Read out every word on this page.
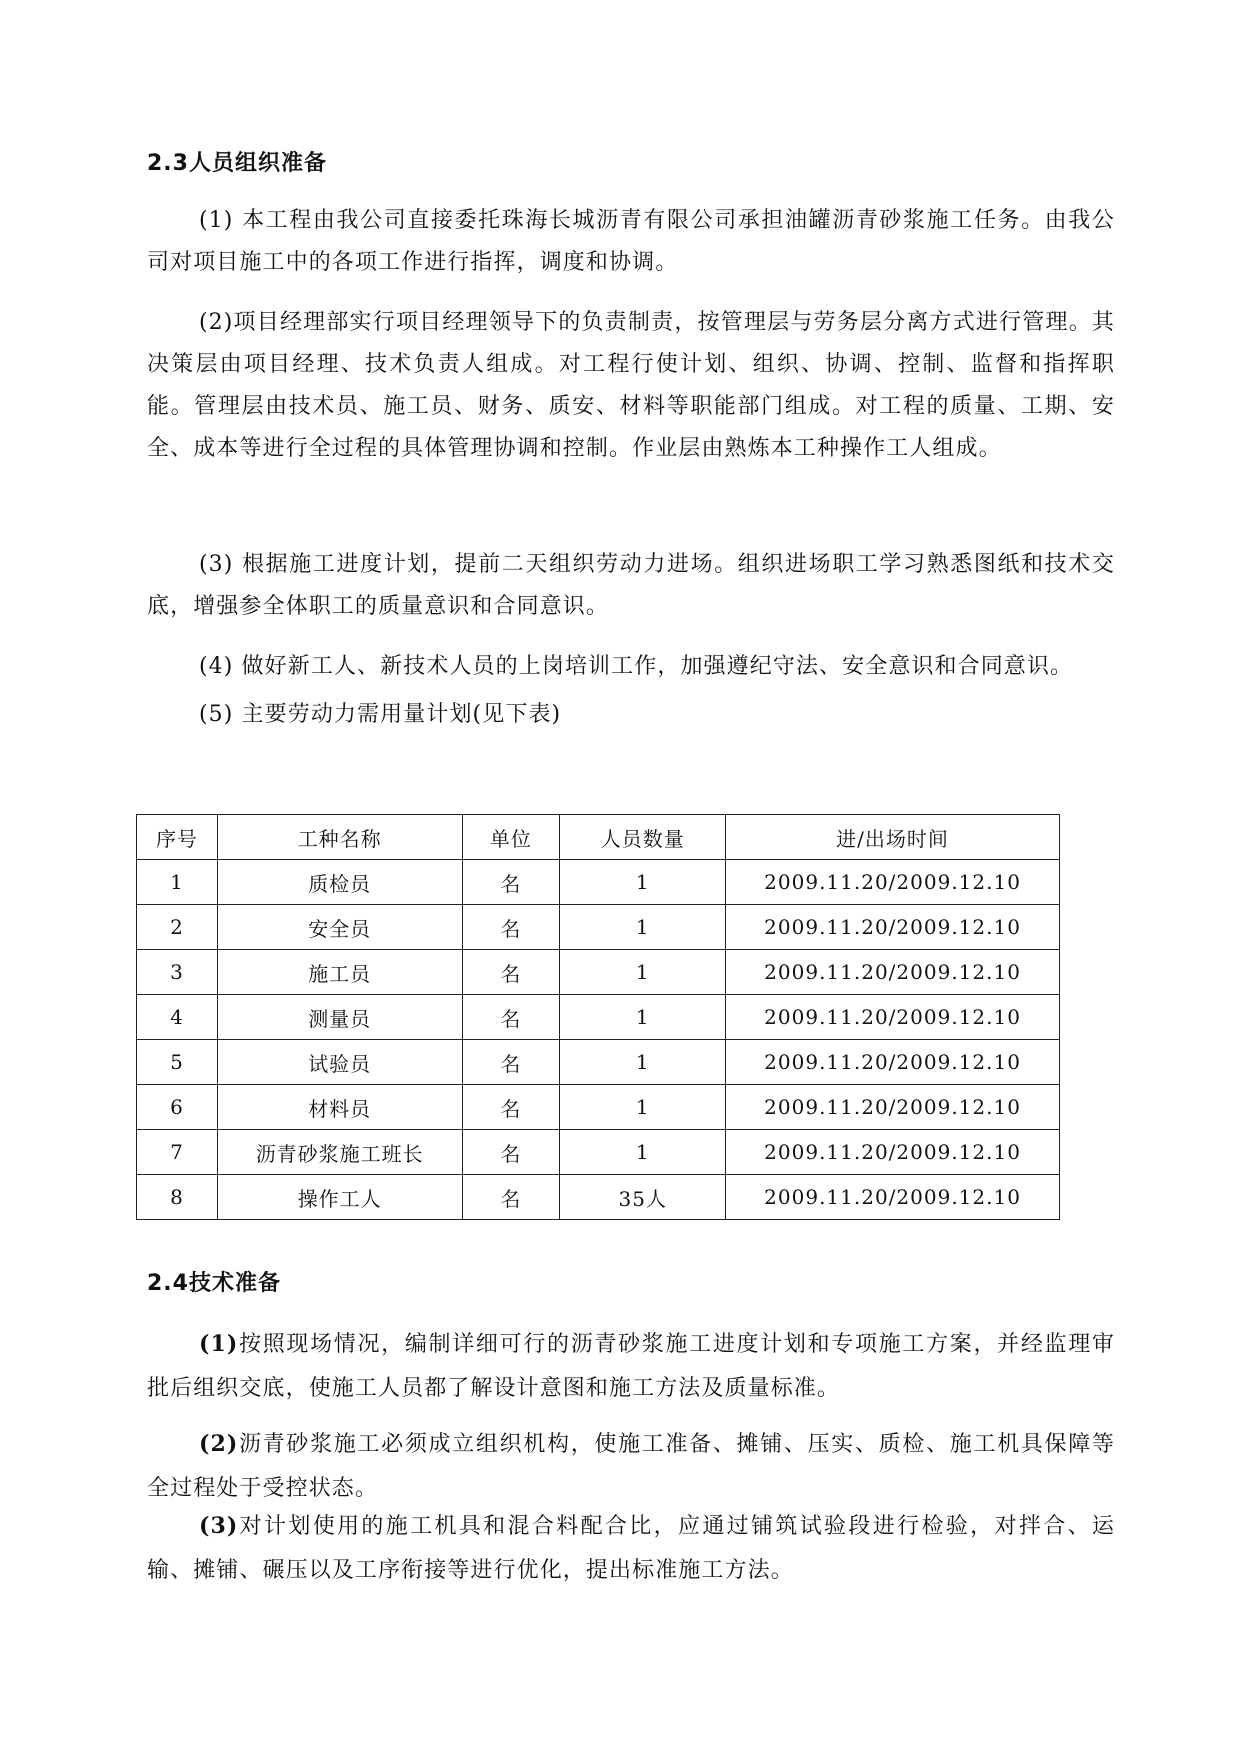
2.3人员组织准备

(1) 本工程由我公司直接委托珠海长城沥青有限公司承担油罐沥青砂浆施工任务。由我公司对项目施工中的各项工作进行指挥，调度和协调。

(2)项目经理部实行项目经理领导下的负责制责，按管理层与劳务层分离方式进行管理。其决策层由项目经理、技术负责人组成。对工程行使计划、组织、协调、控制、监督和指挥职能。管理层由技术员、施工员、财务、质安、材料等职能部门组成。对工程的质量、工期、安全、成本等进行全过程的具体管理协调和控制。作业层由熟炼本工种操作工人组成。

(3) 根据施工进度计划，提前二天组织劳动力进场。组织进场职工学习熟悉图纸和技术交底，增强参全体职工的质量意识和合同意识。

(4) 做好新工人、新技术人员的上岗培训工作，加强遵纪守法、安全意识和合同意识。

(5) 主要劳动力需用量计划(见下表)

序号	工种名称	单位	人员数量	进/出场时间
1	质检员	名	1	2009.11.20/2009.12.10
2	安全员	名	1	2009.11.20/2009.12.10
3	施工员	名	1	2009.11.20/2009.12.10
4	测量员	名	1	2009.11.20/2009.12.10
5	试验员	名	1	2009.11.20/2009.12.10
6	材料员	名	1	2009.11.20/2009.12.10
7	沥青砂浆施工班长	名	1	2009.11.20/2009.12.10
8	操作工人	名	35人	2009.11.20/2009.12.10
2.4技术准备

(1)按照现场情况，编制详细可行的沥青砂浆施工进度计划和专项施工方案，并经监理审批后组织交底，使施工人员都了解设计意图和施工方法及质量标准。

(2)沥青砂浆施工必须成立组织机构，使施工准备、摊铺、压实、质检、施工机具保障等全过程处于受控状态。

(3)对计划使用的施工机具和混合料配合比，应通过铺筑试验段进行检验，对拌合、运输、摊铺、碾压以及工序衔接等进行优化，提出标准施工方法。
